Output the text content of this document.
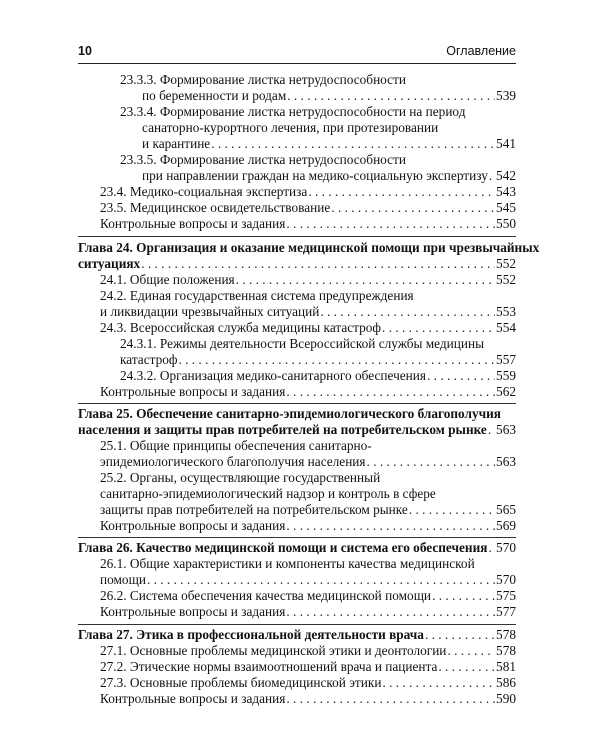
10	Оглавление
23.3.3. Формирование листка нетрудоспособности
по беременности и родам . . .	539
23.3.4. Формирование листка нетрудоспособности на период
санаторно-курортного лечения, при протезировании
и карантине . . .	541
23.3.5. Формирование листка нетрудоспособности
при направлении граждан на медико-социальную экспертизу . . . 542
23.4. Медико-социальная экспертиза . . .	543
23.5. Медицинское освидетельствование . . .	545
Контрольные вопросы и задания . . .	550
Глава 24. Организация и оказание медицинской помощи при чрезвычайных
ситуациях . . .	552
24.1. Общие положения . . .	552
24.2. Единая государственная система предупреждения
и ликвидации чрезвычайных ситуаций . . .	553
24.3. Всероссийская служба медицины катастроф . . .	554
24.3.1. Режимы деятельности Всероссийской службы медицины
катастроф . . .	557
24.3.2. Организация медико-санитарного обеспечения . . .	559
Контрольные вопросы и задания . . .	562
Глава 25. Обеспечение санитарно-эпидемиологического благополучия
населения и защиты прав потребителей на потребительском рынке . . . 563
25.1. Общие принципы обеспечения санитарно-
эпидемиологического благополучия населения . . .	563
25.2. Органы, осуществляющие государственный
санитарно-эпидемиологический надзор и контроль в сфере
защиты прав потребителей на потребительском рынке . . .	565
Контрольные вопросы и задания . . .	569
Глава 26. Качество медицинской помощи и система его обеспечения . . . 570
26.1. Общие характеристики и компоненты качества медицинской
помощи . . .	570
26.2. Система обеспечения качества медицинской помощи . . .	575
Контрольные вопросы и задания . . .	577
Глава 27. Этика в профессиональной деятельности врача . . .	578
27.1. Основные проблемы медицинской этики и деонтологии . . .	578
27.2. Этические нормы взаимоотношений врача и пациента . . .	581
27.3. Основные проблемы биомедицинской этики . . .	586
Контрольные вопросы и задания . . .	590
